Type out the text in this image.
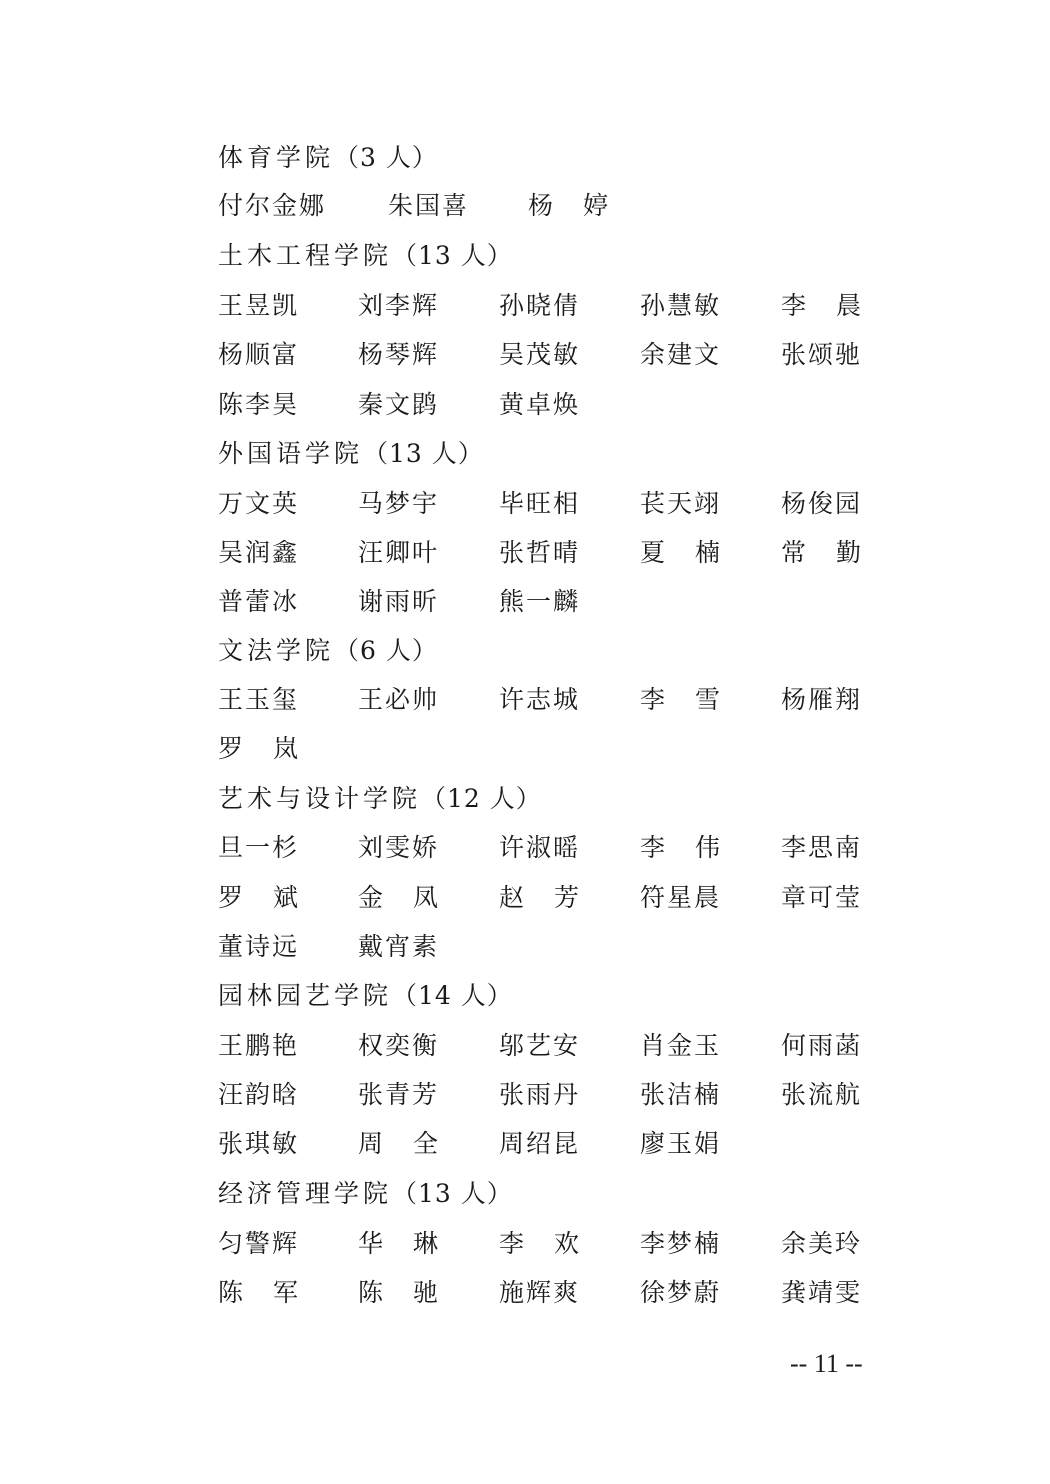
体育学院（3 人）
付尔金娜 朱国喜 杨 婷
土木工程学院（13 人）
王昱凯 刘李辉 孙晓倩 孙慧敏 李 晨
杨顺富 杨琴辉 吴茂敏 余建文 张颂驰
陈李昊 秦文鹍 黄卓焕
外国语学院（13 人）
万文英 马梦宇 毕旺相 苌天翊 杨俊园
吴润鑫 汪卿叶 张哲晴 夏 楠 常 勤
普蕾冰 谢雨昕 熊一麟
文法学院（6 人）
王玉玺 王必帅 许志城 李 雪 杨雁翔
罗 岚
艺术与设计学院（12 人）
旦一杉 刘雯娇 许淑暚 李 伟 李思南
罗 斌 金 凤 赵 芳 符星晨 章可莹
董诗远 戴宵素
园林园艺学院（14 人）
王鹏艳 权奕衡 邬艺安 肖金玉 何雨菡
汪韵晗 张青芳 张雨丹 张洁楠 张流航
张琪敏 周 全 周绍昆 廖玉娟
经济管理学院（13 人）
匀警辉 华 琳 李 欢 李梦楠 余美玲
陈 军 陈 驰 施辉爽 徐梦蔚 龚靖雯
-- 11 --
